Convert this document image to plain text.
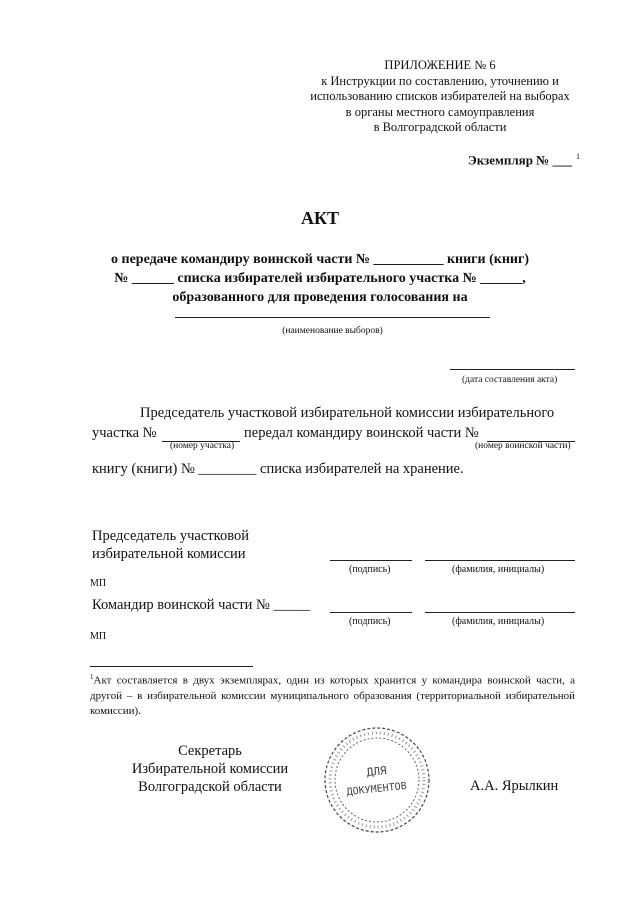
ПРИЛОЖЕНИЕ № 6
к Инструкции по составлению, уточнению и
использованию списков избирателей на выборах
в органы местного самоуправления
в Волгоградской области
Экземпляр № ___ $^1$
АКТ
о передаче командиру воинской части № __________ книги (книг)
№ ______ списка избирателей избирательного участка № ______,
образованного для проведения голосования на
(наименование выборов)
(дата составления акта)
Председатель участковой избирательной комиссии избирательного
участка №	передал командиру воинской части №
(номер участка)	(номер воинской части)
книгу (книги) № ________ списка избирателей на хранение.
Председатель участковой
избирательной комиссии
(подпись)	(фамилия, инициалы)
МП
Командир воинской части № _____
(подпись)	(фамилия, инициалы)
МП
$^1$Акт составляется в двух экземплярах, один из которых хранится у командира воинской части, а другой – в избирательной комиссии муниципального образования (территориальной избирательной комиссии).
Секретарь
Избирательной комиссии
Волгоградской области	А.А. Ярылкин
ДЛЯ
ДОКУМЕНТОВ
